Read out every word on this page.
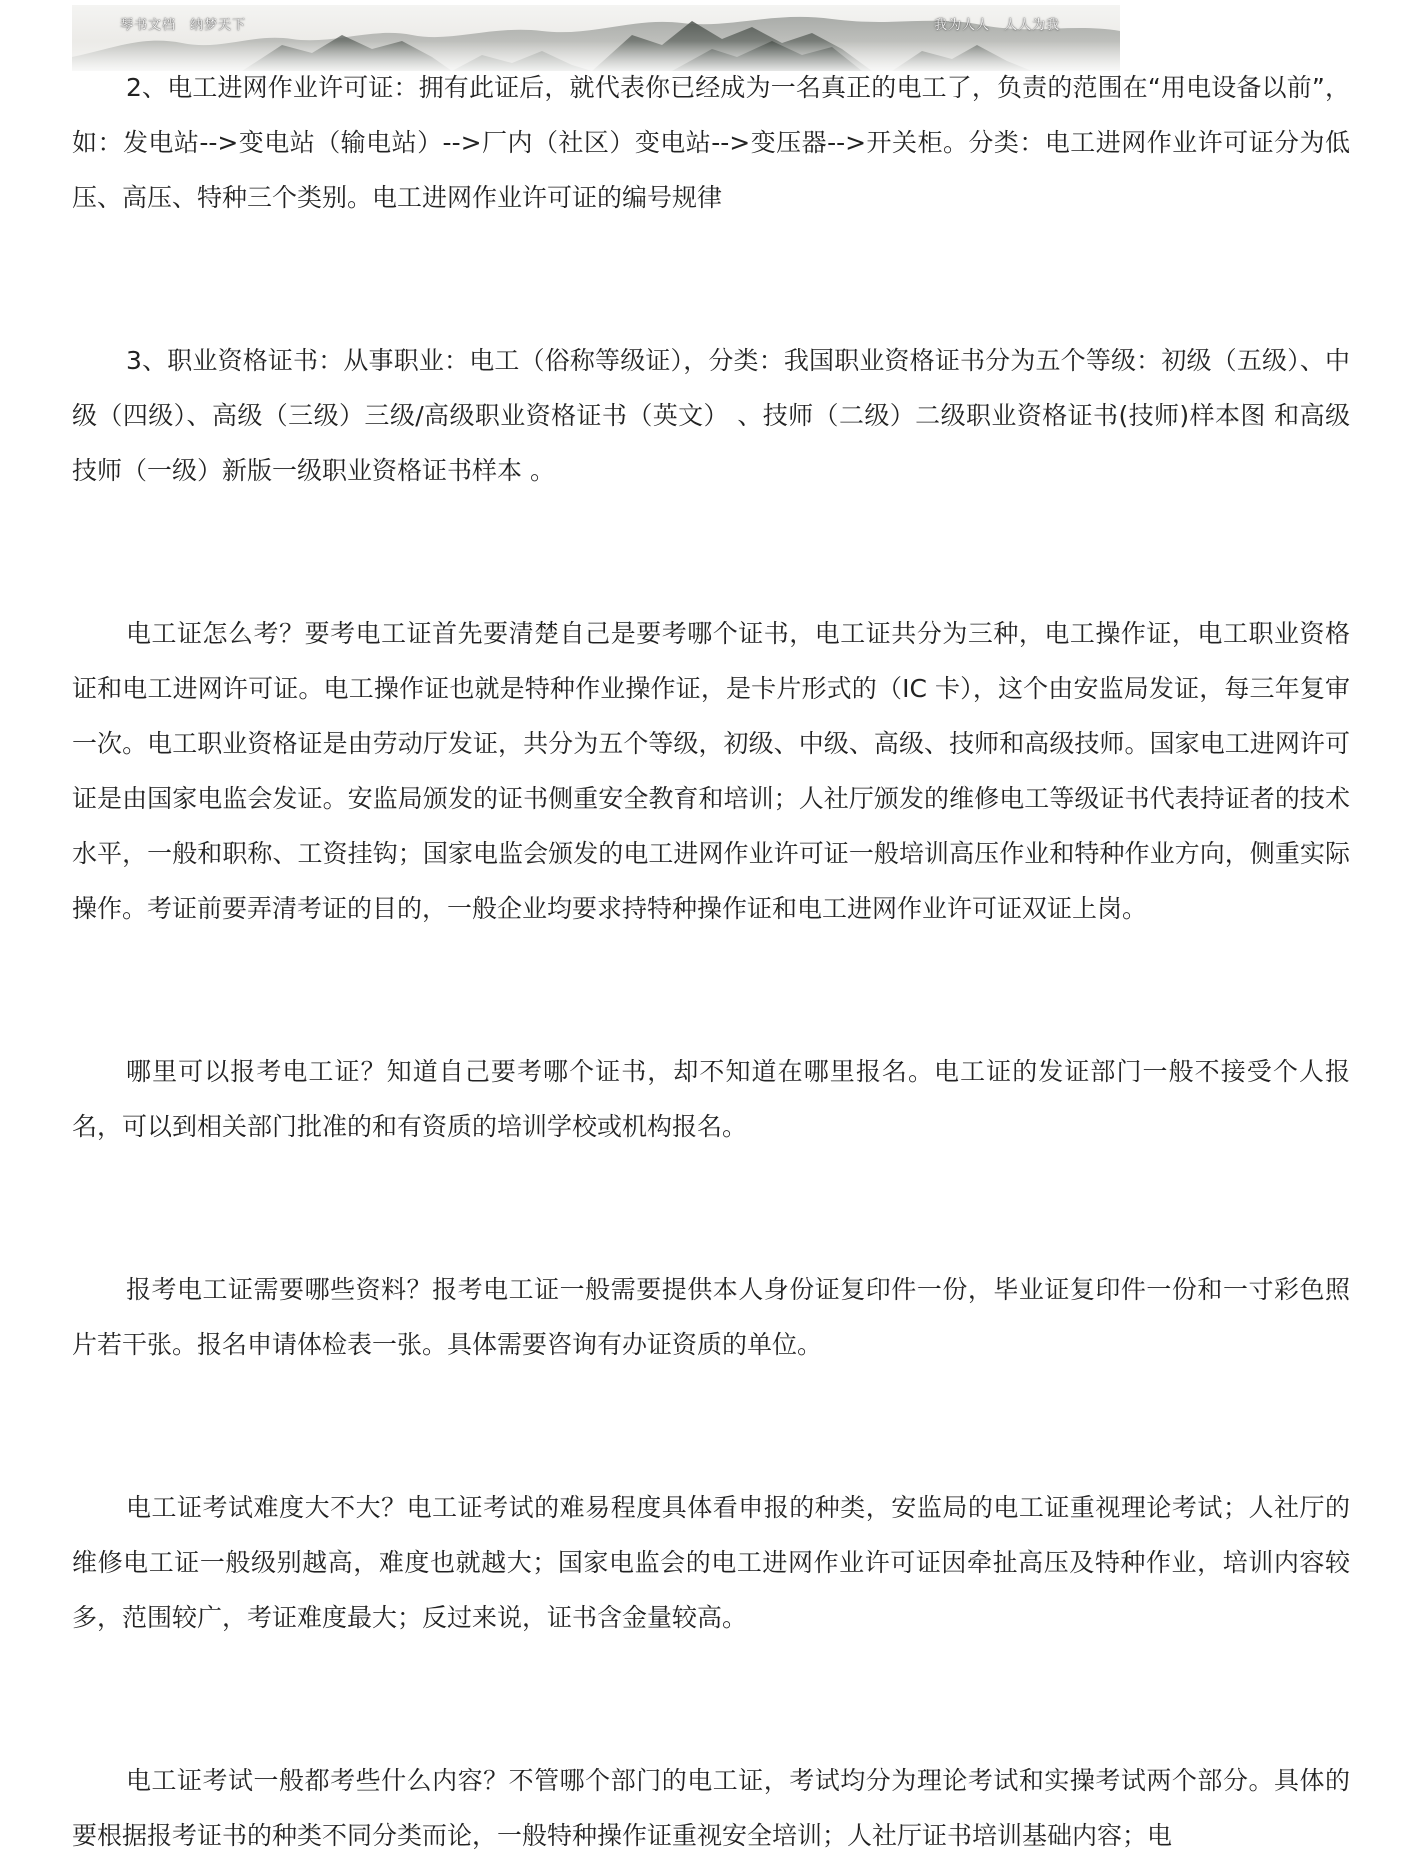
琴书文档　纳梦天下	我为人人　人人为我

2、电工进网作业许可证：拥有此证后，就代表你已经成为一名真正的电工了，负责的范围在“用电设备以前”，如：发电站-->变电站（输电站）-->厂内（社区）变电站-->变压器-->开关柜。分类：电工进网作业许可证分为低压、高压、特种三个类别。电工进网作业许可证的编号规律

3、职业资格证书：从事职业：电工（俗称等级证），分类：我国职业资格证书分为五个等级：初级（五级）、中级（四级）、高级（三级）三级/高级职业资格证书（英文） 、技师（二级）二级职业资格证书(技师)样本图 和高级技师（一级）新版一级职业资格证书样本 。

电工证怎么考？要考电工证首先要清楚自己是要考哪个证书，电工证共分为三种，电工操作证，电工职业资格证和电工进网许可证。电工操作证也就是特种作业操作证，是卡片形式的（IC 卡），这个由安监局发证，每三年复审一次。电工职业资格证是由劳动厅发证，共分为五个等级，初级、中级、高级、技师和高级技师。国家电工进网许可证是由国家电监会发证。安监局颁发的证书侧重安全教育和培训；人社厅颁发的维修电工等级证书代表持证者的技术水平，一般和职称、工资挂钩；国家电监会颁发的电工进网作业许可证一般培训高压作业和特种作业方向，侧重实际操作。考证前要弄清考证的目的，一般企业均要求持特种操作证和电工进网作业许可证双证上岗。

哪里可以报考电工证？知道自己要考哪个证书，却不知道在哪里报名。电工证的发证部门一般不接受个人报名，可以到相关部门批准的和有资质的培训学校或机构报名。

报考电工证需要哪些资料？报考电工证一般需要提供本人身份证复印件一份，毕业证复印件一份和一寸彩色照片若干张。报名申请体检表一张。具体需要咨询有办证资质的单位。

电工证考试难度大不大？电工证考试的难易程度具体看申报的种类，安监局的电工证重视理论考试；人社厅的维修电工证一般级别越高，难度也就越大；国家电监会的电工进网作业许可证因牵扯高压及特种作业，培训内容较多，范围较广，考证难度最大；反过来说，证书含金量较高。

电工证考试一般都考些什么内容？不管哪个部门的电工证，考试均分为理论考试和实操考试两个部分。具体的要根据报考证书的种类不同分类而论，一般特种操作证重视安全培训；人社厅证书培训基础内容；电
